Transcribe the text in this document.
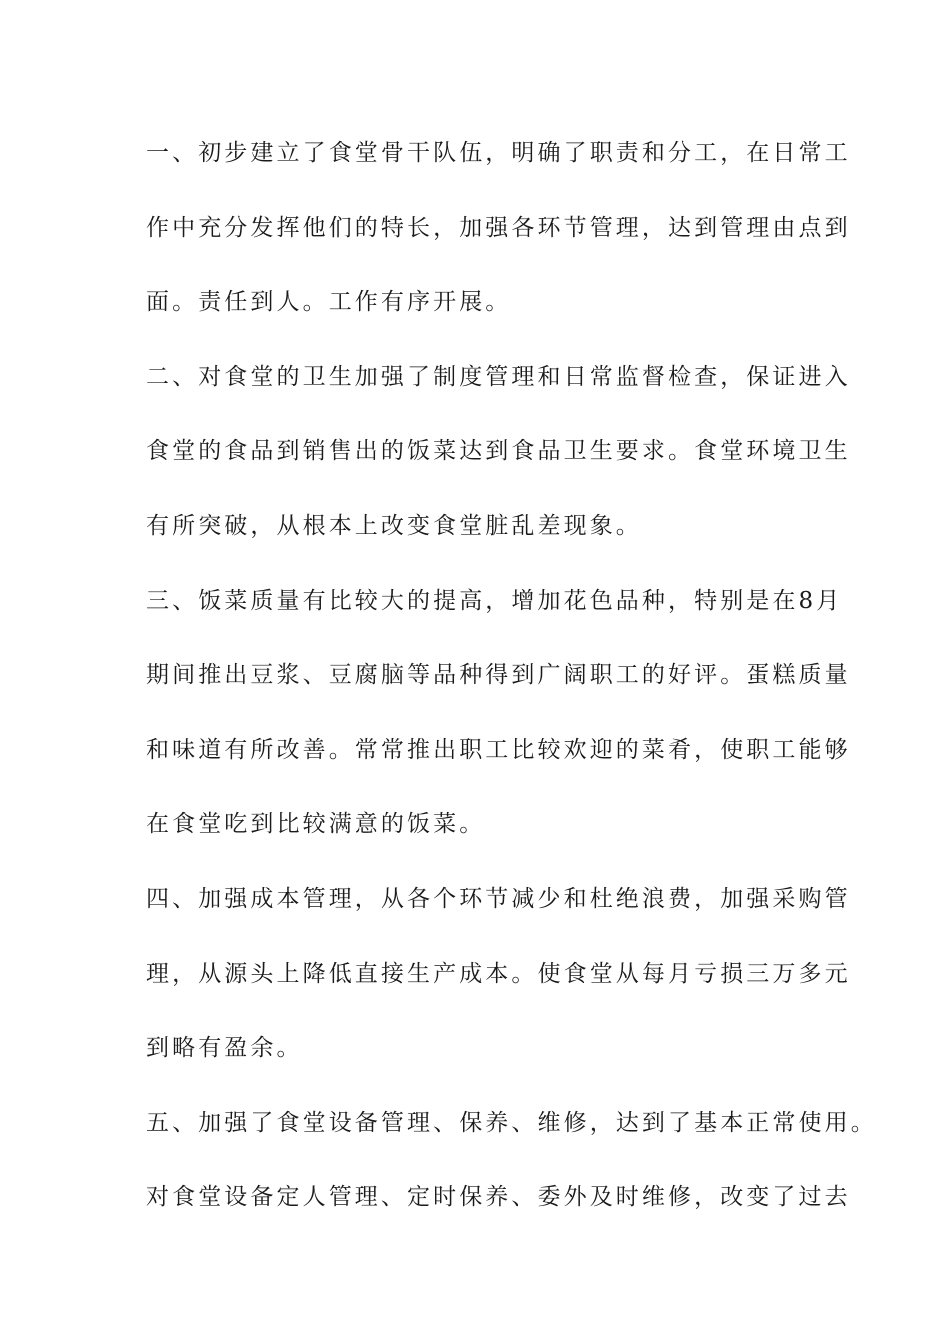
一、初步建立了食堂骨干队伍，明确了职责和分工，在日常工
作中充分发挥他们的特长，加强各环节管理，达到管理由点到
面。责任到人。工作有序开展。
二、对食堂的卫生加强了制度管理和日常监督检查，保证进入
食堂的食品到销售出的饭菜达到食品卫生要求。食堂环境卫生
有所突破，从根本上改变食堂脏乱差现象。
三、饭菜质量有比较大的提高，增加花色品种，特别是在8月
期间推出豆浆、豆腐脑等品种得到广阔职工的好评。蛋糕质量
和味道有所改善。常常推出职工比较欢迎的菜肴，使职工能够
在食堂吃到比较满意的饭菜。
四、加强成本管理，从各个环节减少和杜绝浪费，加强采购管
理，从源头上降低直接生产成本。使食堂从每月亏损三万多元
到略有盈余。
五、加强了食堂设备管理、保养、维修，达到了基本正常使用。
对食堂设备定人管理、定时保养、委外及时维修，改变了过去
